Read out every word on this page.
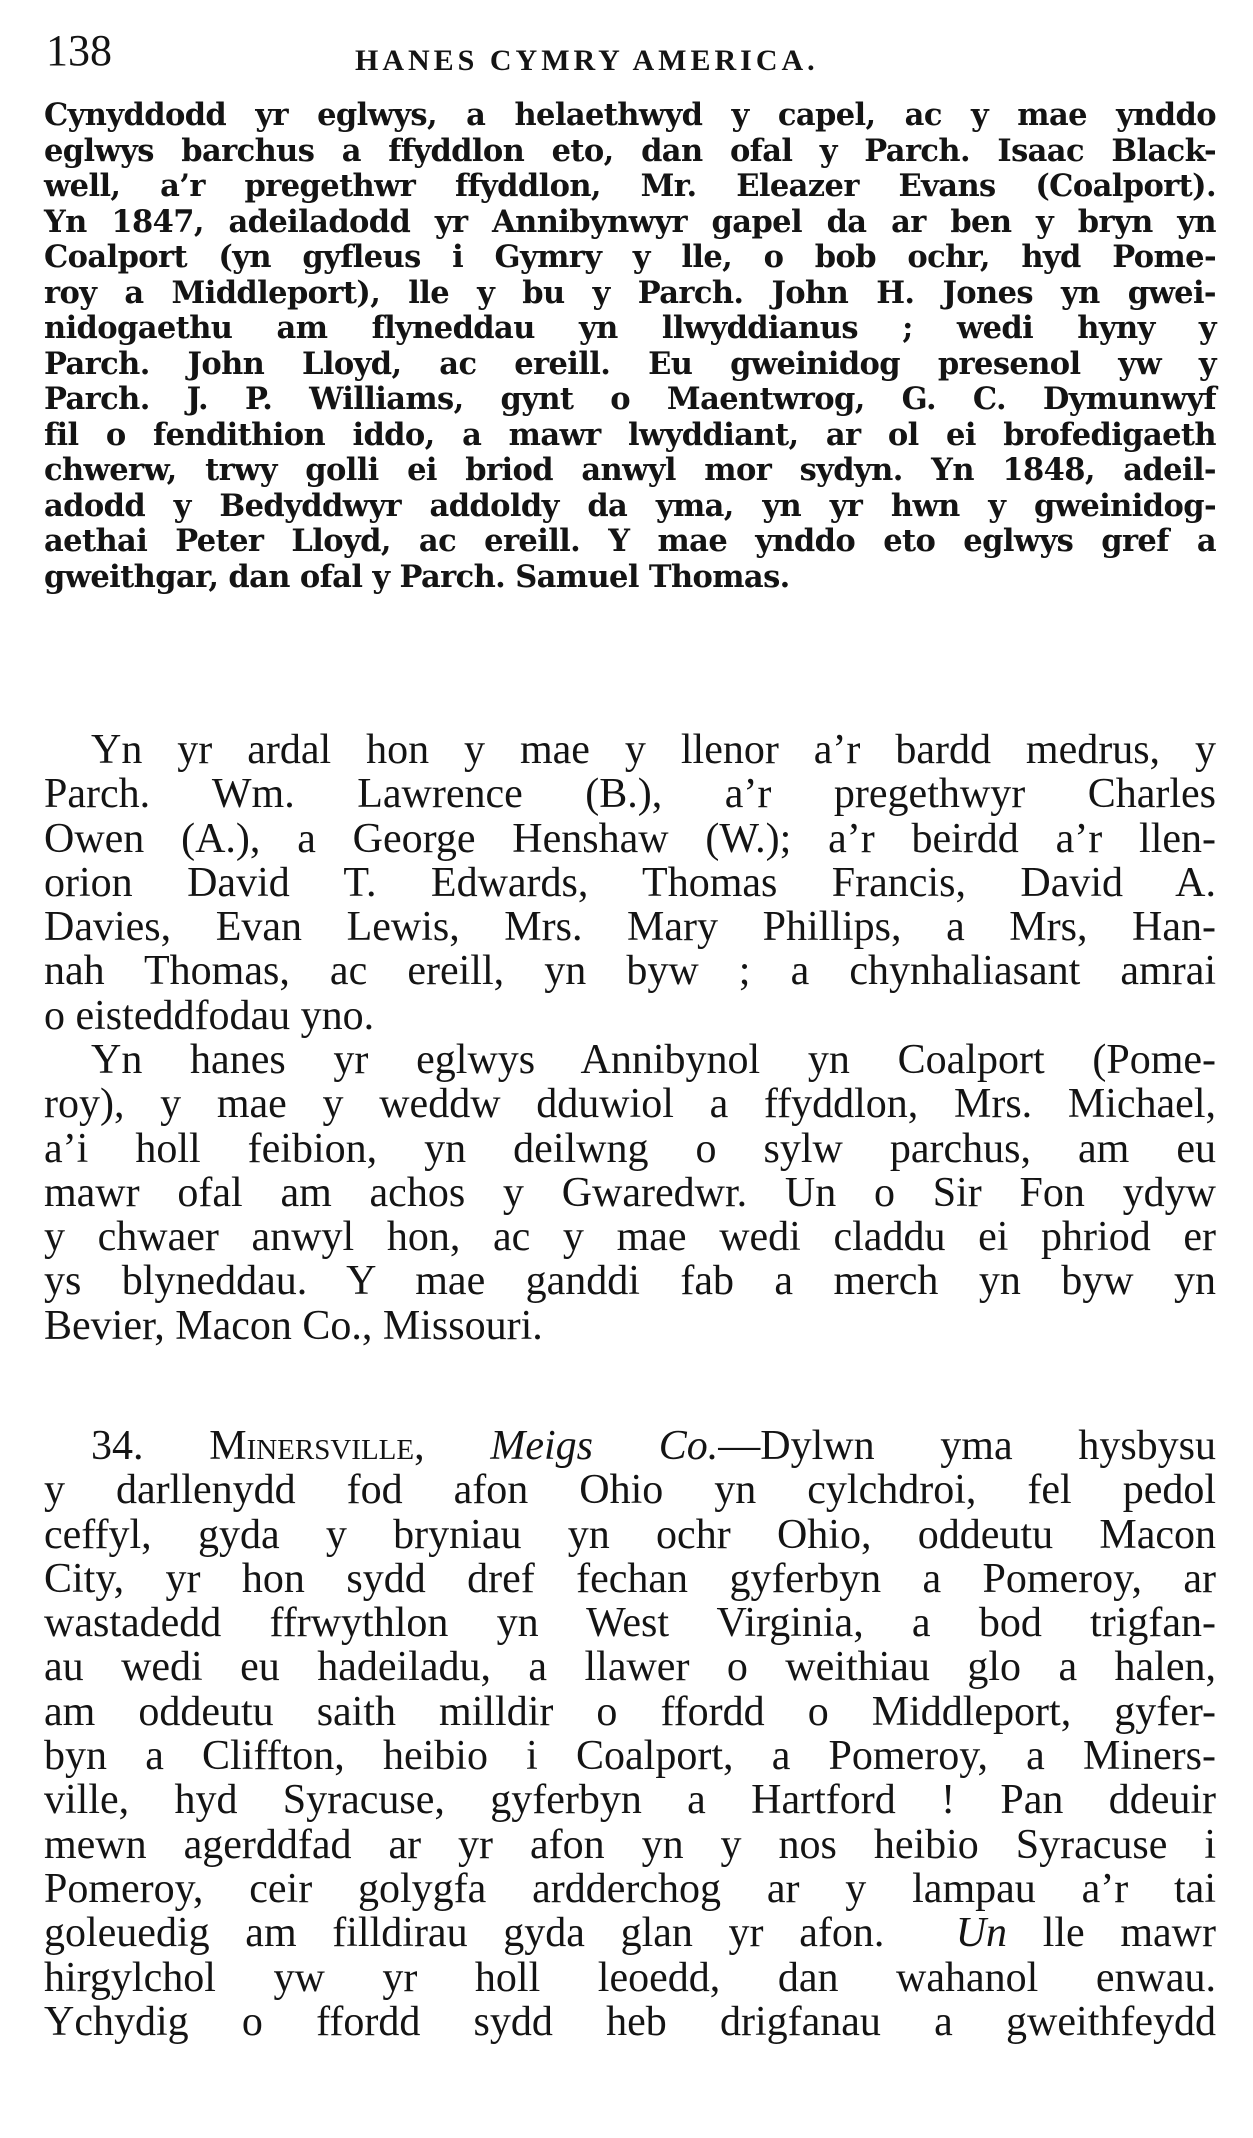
138	HANES CYMRY AMERICA.
Cynyddodd yr eglwys, a helaethwyd y capel, ac y mae ynddo
eglwys barchus a ffyddlon eto, dan ofal y Parch. Isaac Black-
well, a’r pregethwr ffyddlon, Mr. Eleazer Evans (Coalport).
Yn 1847, adeiladodd yr Annibynwyr gapel da ar ben y bryn yn
Coalport (yn gyfleus i Gymry y lle, o bob ochr, hyd Pome-
roy a Middleport), lle y bu y Parch. John H. Jones yn gwei-
nidogaethu am flyneddau yn llwyddianus ; wedi hyny y
Parch. John Lloyd, ac ereill. Eu gweinidog presenol yw y
Parch. J. P. Williams, gynt o Maentwrog, G. C. Dymunwyf
fil o fendithion iddo, a mawr lwyddiant, ar ol ei brofedigaeth
chwerw, trwy golli ei briod anwyl mor sydyn. Yn 1848, adeil-
adodd y Bedyddwyr addoldy da yma, yn yr hwn y gweinidog-
aethai Peter Lloyd, ac ereill. Y mae ynddo eto eglwys gref a
gweithgar, dan ofal y Parch. Samuel Thomas.
Yn yr ardal hon y mae y llenor a’r bardd medrus, y
Parch. Wm. Lawrence (B.), a’r pregethwyr Charles
Owen (A.), a George Henshaw (W.); a’r beirdd a’r llen-
orion David T. Edwards, Thomas Francis, David A.
Davies, Evan Lewis, Mrs. Mary Phillips, a Mrs, Han-
nah Thomas, ac ereill, yn byw ; a chynhaliasant amrai
o eisteddfodau yno.
Yn hanes yr eglwys Annibynol yn Coalport (Pome-
roy), y mae y weddw dduwiol a ffyddlon, Mrs. Michael,
a’i holl feibion, yn deilwng o sylw parchus, am eu
mawr ofal am achos y Gwaredwr. Un o Sir Fon ydyw
y chwaer anwyl hon, ac y mae wedi claddu ei phriod er
ys blyneddau. Y mae ganddi fab a merch yn byw yn
Bevier, Macon Co., Missouri.
34. Minersville, Meigs Co.—Dylwn yma hysbysu
y darllenydd fod afon Ohio yn cylchdroi, fel pedol
ceffyl, gyda y bryniau yn ochr Ohio, oddeutu Macon
City, yr hon sydd dref fechan gyferbyn a Pomeroy, ar
wastadedd ffrwythlon yn West Virginia, a bod trigfan-
au wedi eu hadeiladu, a llawer o weithiau glo a halen,
am oddeutu saith milldir o ffordd o Middleport, gyfer-
byn a Cliffton, heibio i Coalport, a Pomeroy, a Miners-
ville, hyd Syracuse, gyferbyn a Hartford ! Pan ddeuir
mewn agerddfad ar yr afon yn y nos heibio Syracuse i
Pomeroy, ceir golygfa ardderchog ar y lampau a’r tai
goleuedig am filldirau gyda glan yr afon. Un lle mawr
hirgylchol yw yr holl leoedd, dan wahanol enwau.
Ychydig o ffordd sydd heb drigfanau a gweithfeydd
